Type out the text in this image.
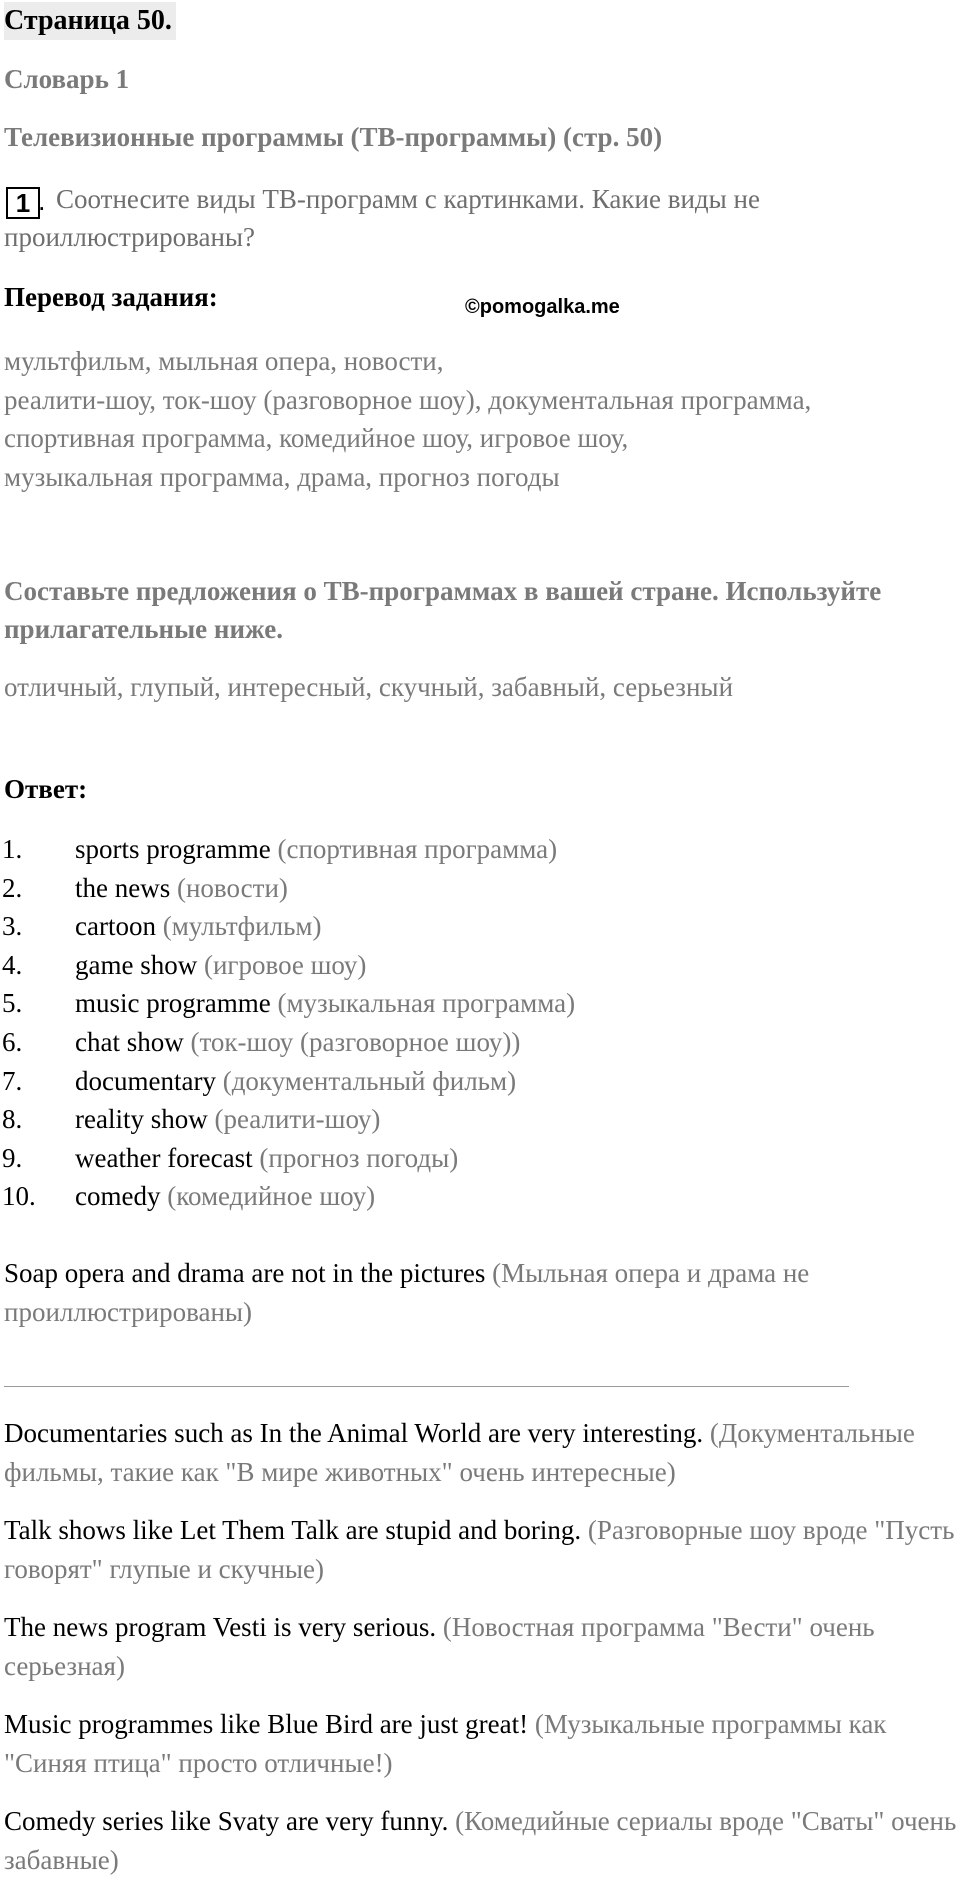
Страница 50.
Словарь 1
Телевизионные программы (ТВ-программы) (стр. 50)
Соотнесите виды ТВ-программ с картинками. Какие виды не проиллюстрированы?
1 .
Перевод задания:	©pomogalka.me
мультфильм, мыльная опера, новости,
реалити-шоу, ток-шоу (разговорное шоу), документальная программа,
спортивная программа, комедийное шоу, игровое шоу,
музыкальная программа, драма, прогноз погоды
Составьте предложения о ТВ-программах в вашей стране. Используйте прилагательные ниже.
отличный, глупый, интересный, скучный, забавный, серьезный
Ответ:
1. sports programme (спортивная программа)
2. the news (новости)
3. cartoon (мультфильм)
4. game show (игровое шоу)
5. music programme (музыкальная программа)
6. chat show (ток-шоу (разговорное шоу))
7. documentary (документальный фильм)
8. reality show (реалити-шоу)
9. weather forecast (прогноз погоды)
10. comedy (комедийное шоу)
Soap opera and drama are not in the pictures (Мыльная опера и драма не проиллюстрированы)
Documentaries such as In the Animal World are very interesting. (Документальные фильмы, такие как "В мире животных" очень интересные)
Talk shows like Let Them Talk are stupid and boring. (Разговорные шоу вроде "Пусть говорят" глупые и скучные)
The news program Vesti is very serious. (Новостная программа "Вести" очень серьезная)
Music programmes like Blue Bird are just great! (Музыкальные программы как "Синяя птица" просто отличные!)
Comedy series like Svaty are very funny. (Комедийные сериалы вроде "Сваты" очень забавные)
